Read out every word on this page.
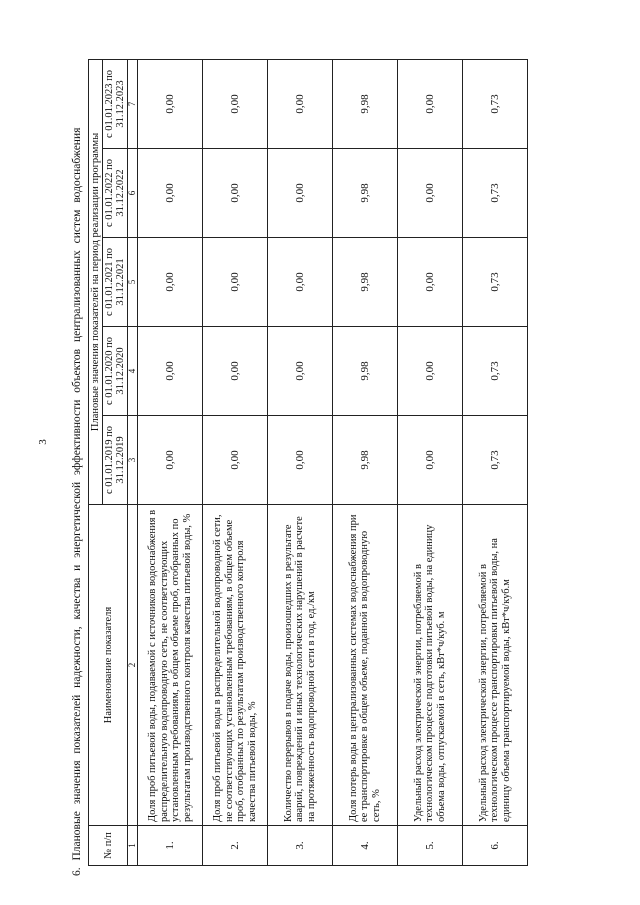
3 6. Плановые значения показателей надежности, качества и энергетической эффективности объектов централизованных систем водоснабжения № п/п	Наименование показателя	Плановые значения показателей на период реализации программы				
		с 01.01.2019 по 31.12.2019	с 01.01.2020 по 31.12.2020	с 01.01.2021 по 31.12.2021	с 01.01.2022 по 31.12.2022	с 01.01.2023 по 31.12.2023
1	2	3	4	5	6	7
1.	Доля проб питьевой воды, подаваемой с источников водоснабжения в распределительную водопроводную сеть, не соответствующих установленным требованиям, в общем объеме проб, отобранных по результатам производственного контроля качества питьевой воды, %	0,00	0,00	0,00	0,00	0,00
2.	Доля проб питьевой воды в распределительной водопроводной сети, не соответствующих установленным требованиям, в общем объеме проб, отобранных по результатам производственного контроля качества питьевой воды, %	0,00	0,00	0,00	0,00	0,00
3.	Количество перерывов в подаче воды, произошедших в результате аварий, повреждений и иных технологических нарушений в расчете на протяженность водопроводной сети в год, ед./км	0,00	0,00	0,00	0,00	0,00
4.	Доля потерь воды в централизованных системах водоснабжения при ее транспортировке в общем объеме, поданной в водопроводную сеть, %	9,98	9,98	9,98	9,98	9,98
5.	Удельный расход электрической энергии, потребляемой в технологическом процессе подготовки питьевой воды, на единицу объема воды, отпускаемой в сеть, кВт*ч/куб. м	0,00	0,00	0,00	0,00	0,00
6.	Удельный расход электрической энергии, потребляемой в технологическом процессе транспортировки питьевой воды, на единицу объема транспортируемой воды, кВт*ч/куб.м	0,73	0,73	0,73	0,73	0,73
